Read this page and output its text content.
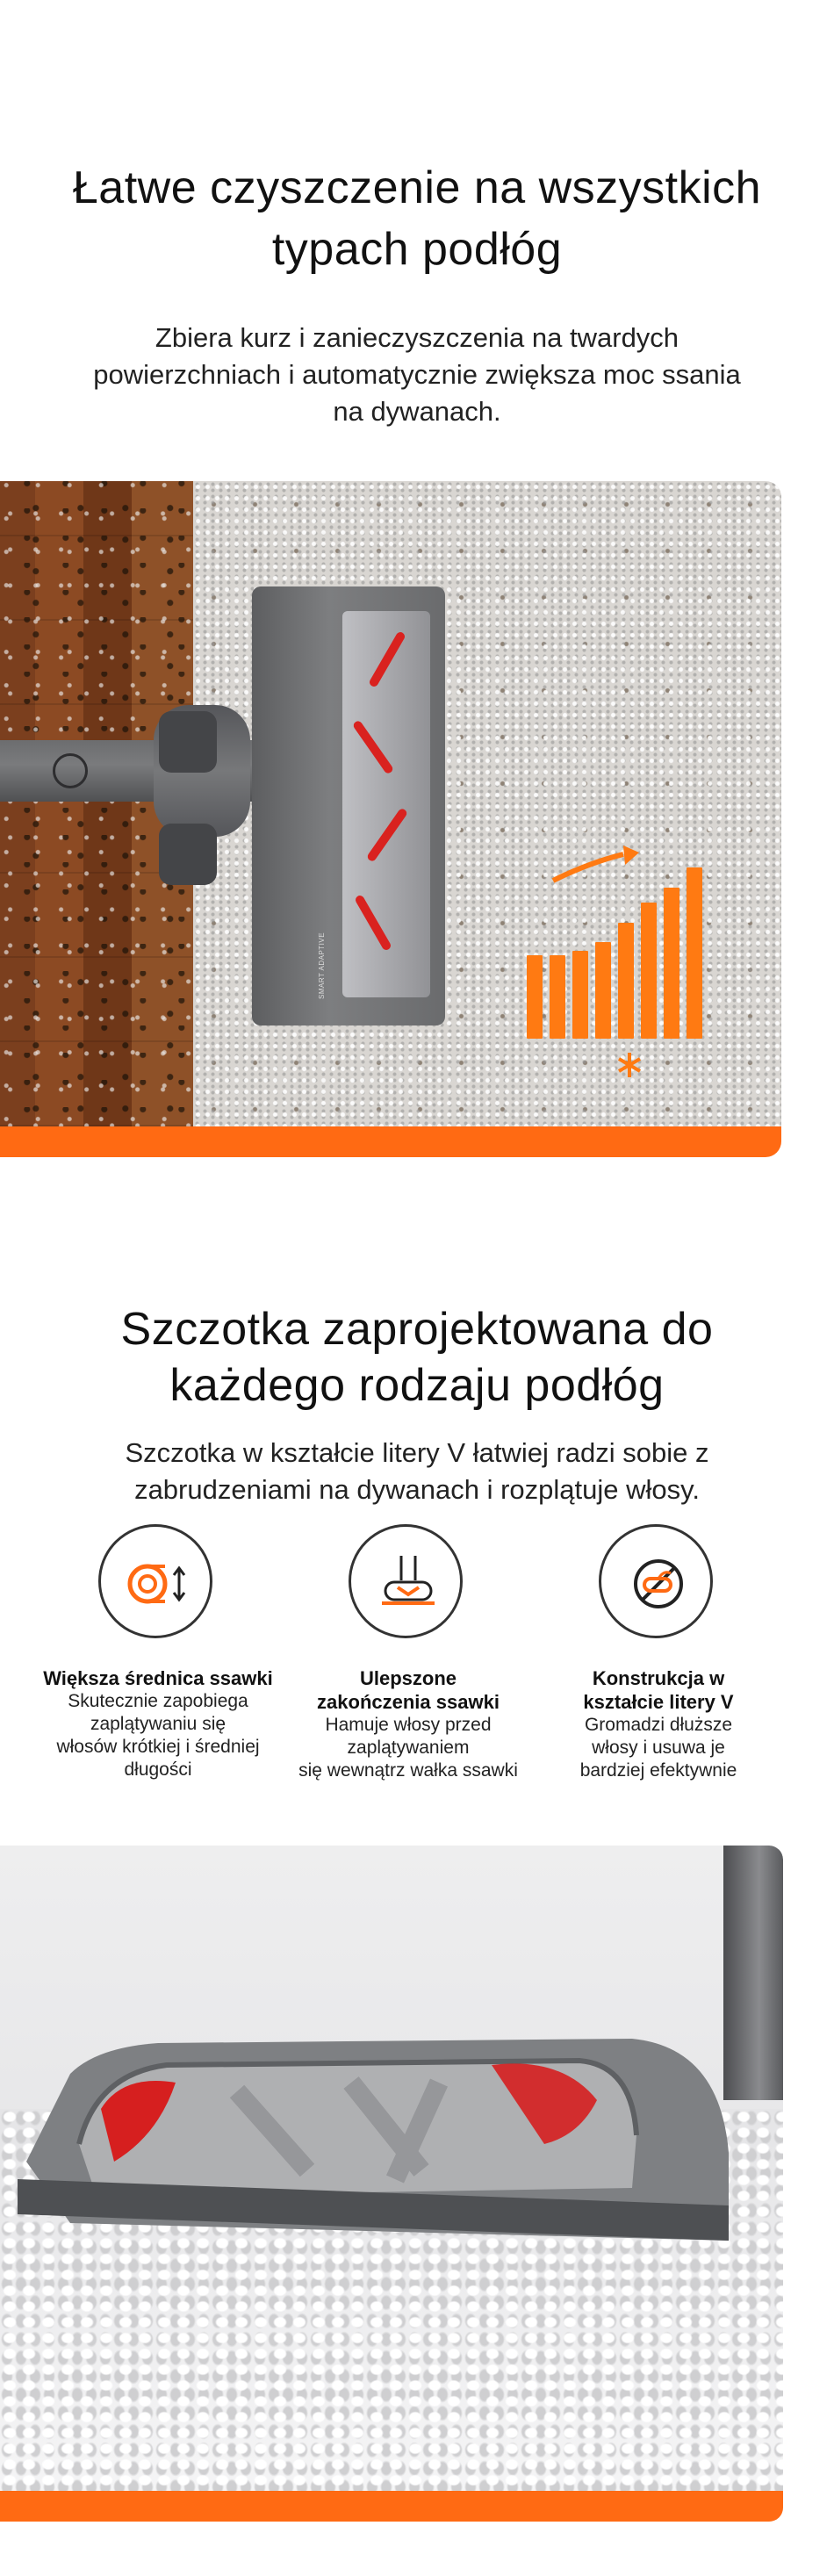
Łatwe czyszczenie na wszystkich
typach podłóg
Zbiera kurz i zanieczyszczenia na twardych
powierzchniach i automatycznie zwiększa moc ssania
na dywanach.
SMART ADAPTIVE
Szczotka zaprojektowana do
każdego rodzaju podłóg
Szczotka w kształcie litery V łatwiej radzi sobie z
zabrudzeniami na dywanach i rozplątuje włosy.
Większa średnica ssawki
Skutecznie zapobiega
zaplątywaniu się
włosów krótkiej i średniej
długości
Ulepszone
zakończenia ssawki
Hamuje włosy przed
zaplątywaniem
się wewnątrz wałka ssawki
Konstrukcja w
kształcie litery V
Gromadzi dłuższe
włosy i usuwa je
bardziej efektywnie
